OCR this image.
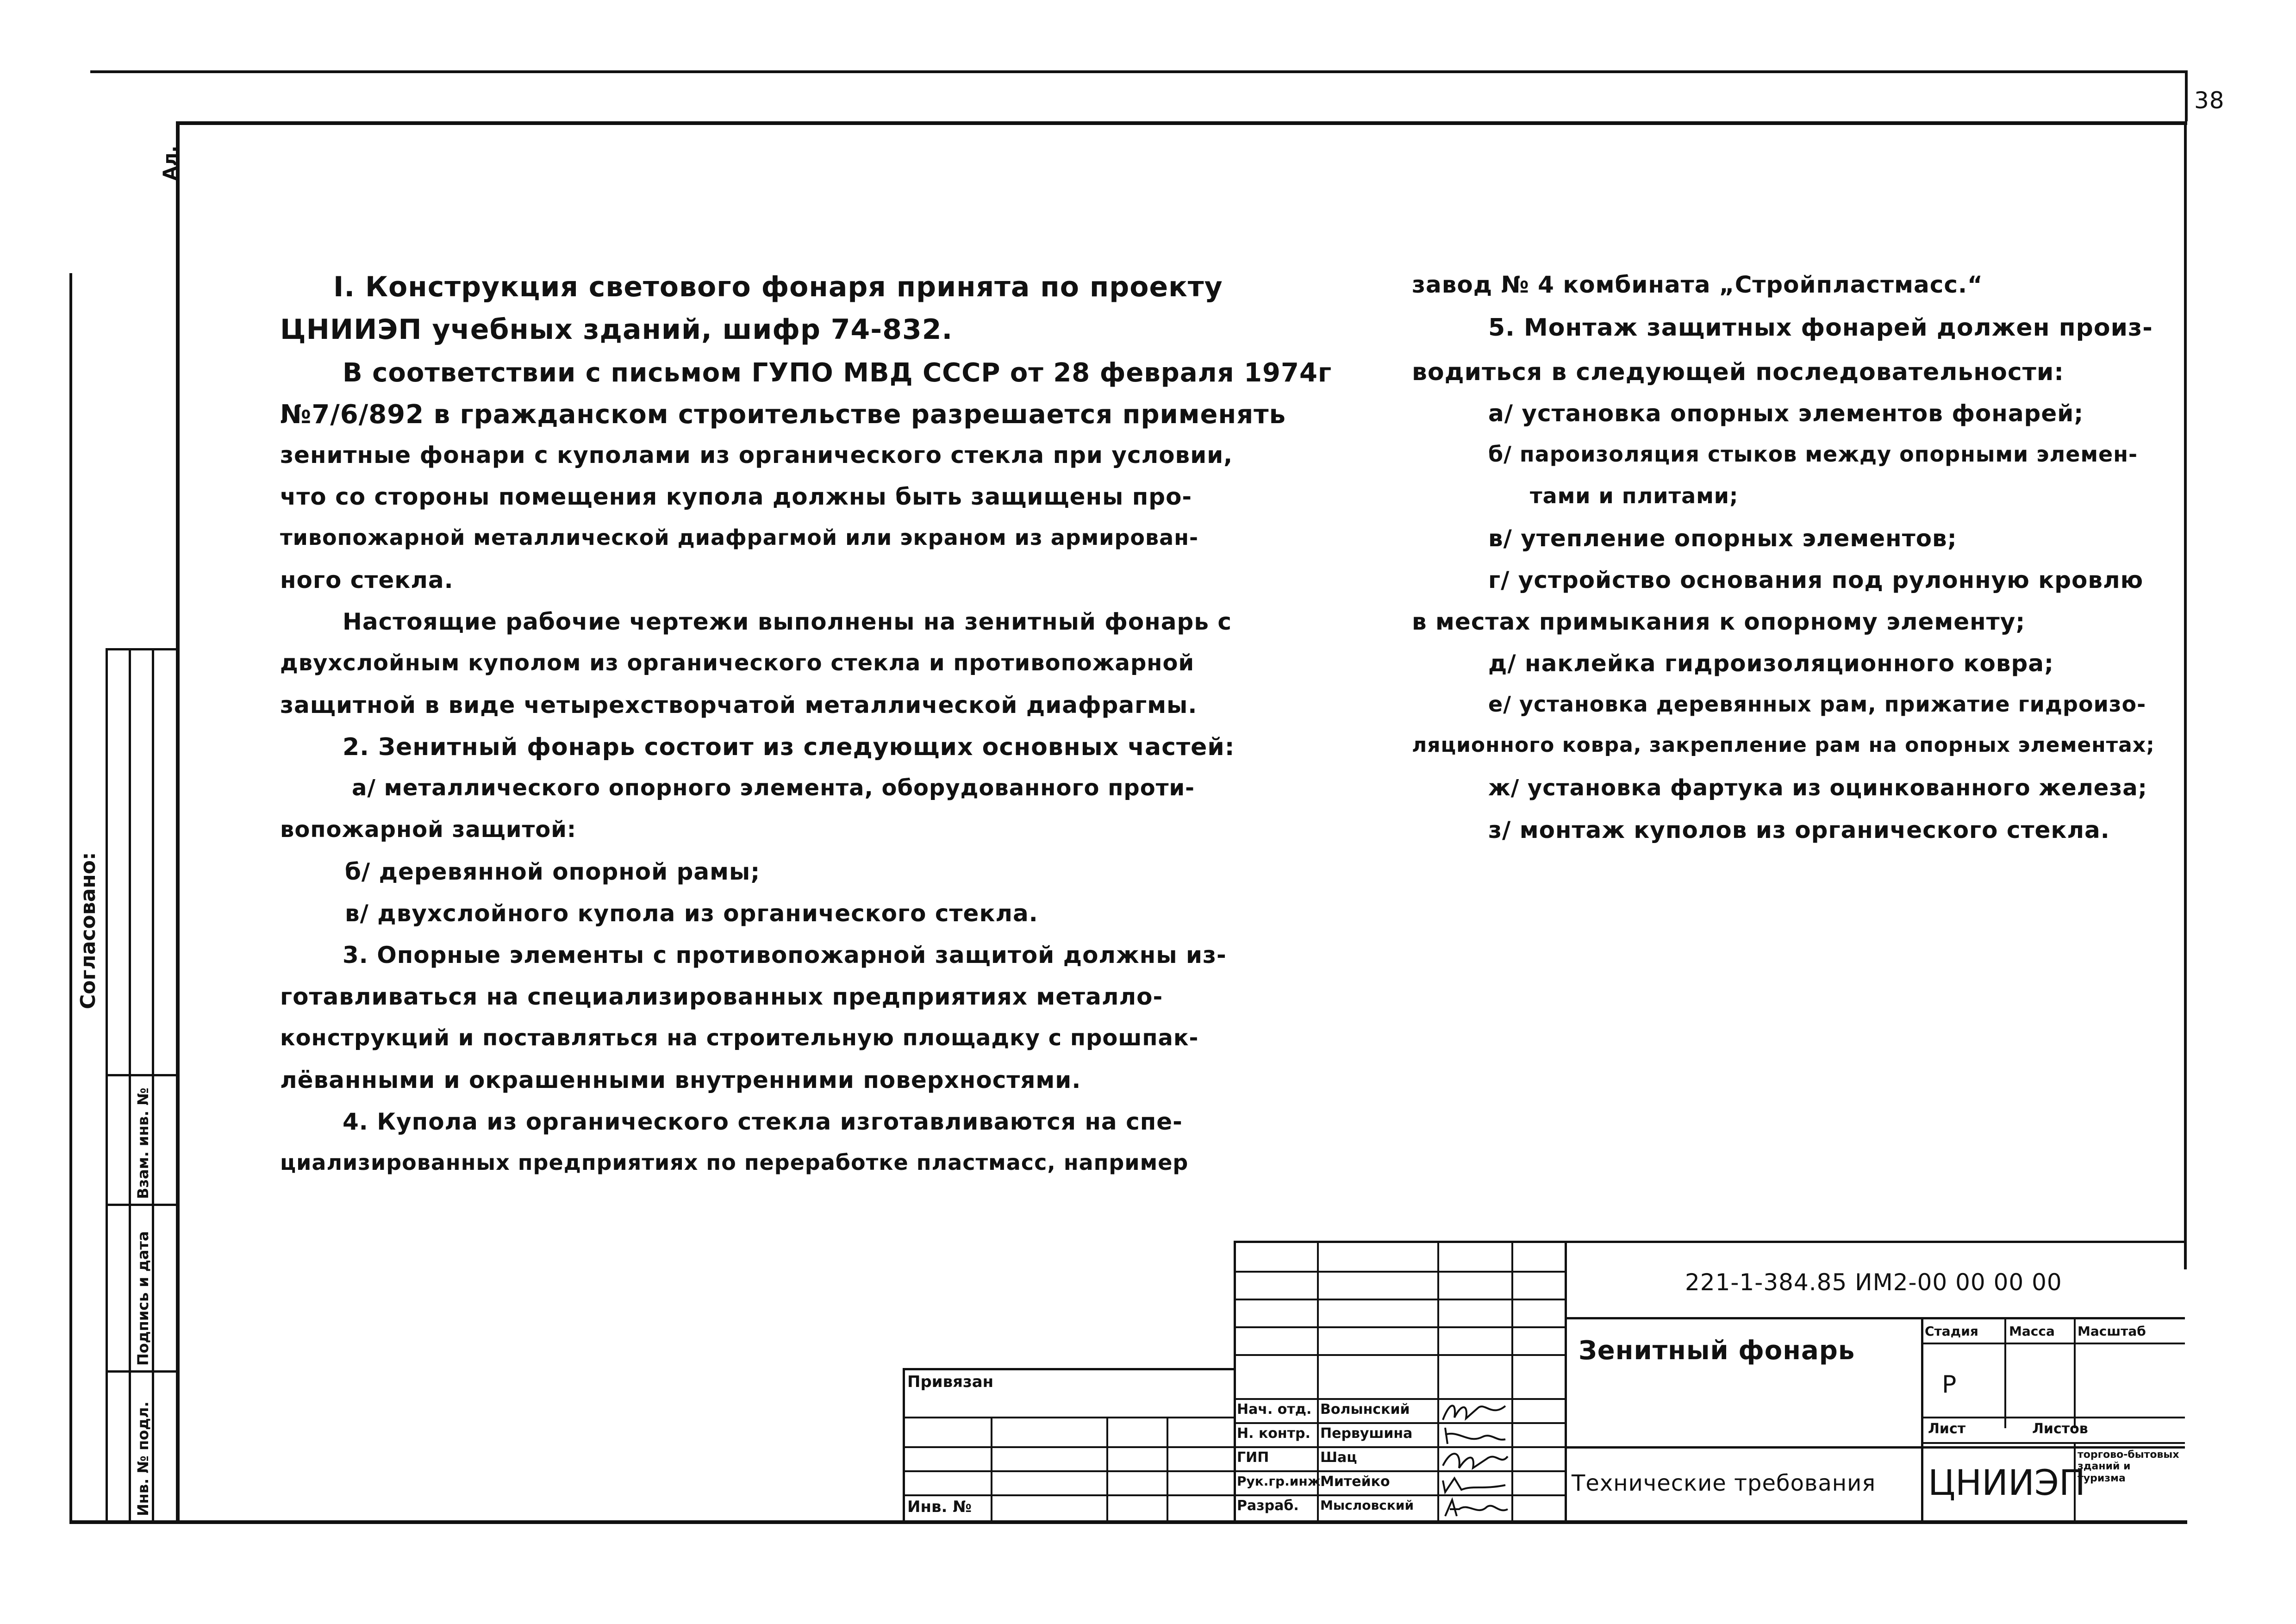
38
Ал.
Согласовано:
Взам. инв. №
Подпись и дата
Инв. № подл.
I. Конструкция светового фонаря принята по проекту
ЦНИИЭП учебных зданий, шифр 74-832.
В соответствии с письмом ГУПО МВД СССР от 28 февраля 1974г
№7/6/892 в гражданском строительстве разрешается применять
зенитные фонари с куполами из органического стекла при условии,
что со стороны помещения купола должны быть защищены про-
тивопожарной металлической диафрагмой или экраном из армирован-
ного стекла.
Настоящие рабочие чертежи выполнены на зенитный фонарь с
двухслойным куполом из органического стекла и противопожарной
защитной в виде четырехстворчатой металлической диафрагмы.
2. Зенитный фонарь состоит из следующих основных частей:
а/ металлического опорного элемента, оборудованного проти-
вопожарной защитой:
б/ деревянной опорной рамы;
в/ двухслойного купола из органического стекла.
3. Опорные элементы с противопожарной защитой должны из-
готавливаться на специализированных предприятиях металло-
конструкций и поставляться на строительную площадку с прошпак-
лёванными и окрашенными внутренними поверхностями.
4. Купола из органического стекла изготавливаются на спе-
циализированных предприятиях по переработке пластмасс, например
завод № 4 комбината „Стройпластмасс.“
5. Монтаж защитных фонарей должен произ-
водиться в следующей последовательности:
а/ установка опорных элементов фонарей;
б/ пароизоляция стыков между опорными элемен-
тами и плитами;
в/ утепление опорных элементов;
г/ устройство основания под рулонную кровлю
в местах примыкания к опорному элементу;
д/ наклейка гидроизоляционного ковра;
е/ установка деревянных рам, прижатие гидроизо-
ляционного ковра, закрепление рам на опорных элементах;
ж/ установка фартука из оцинкованного железа;
з/ монтаж куполов из органического стекла.
Привязан
Инв. №
Нач. отд. Волынский
Н. контр. Первушина
ГИП	Шац
Рук.гр.инж.
Митейко
Разраб. Мысловский
221-1-384.85 ИМ2-00 00 00 00
Зенитный фонарь
Технические требования
Стадия Масса Масштаб
Р
Лист	Листов
ЦНИИЭП
торгово-бытовых зданий и туризма
